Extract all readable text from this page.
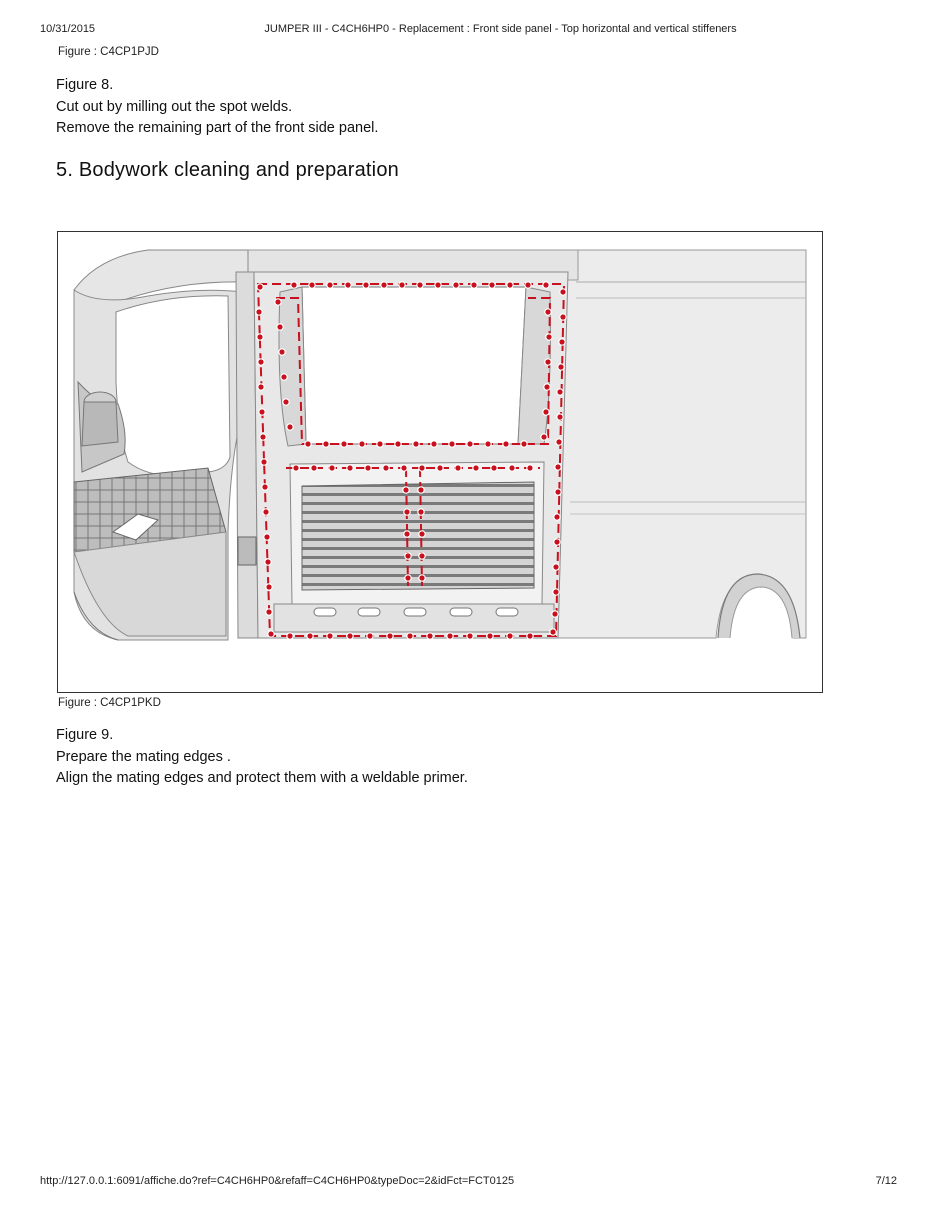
10/31/2015	JUMPER III - C4CH6HP0 - Replacement : Front side panel - Top horizontal and vertical stiffeners
Figure : C4CP1PJD
Figure 8.
Cut out by milling out the spot welds.
Remove the remaining part of the front side panel.
5. Bodywork cleaning and preparation
Figure : C4CP1PKD
Figure 9.
Prepare the mating edges .
Align the mating edges and protect them with a weldable primer.
http://127.0.0.1:6091/affiche.do?ref=C4CH6HP0&refaff=C4CH6HP0&typeDoc=2&idFct=FCT0125	7/12
